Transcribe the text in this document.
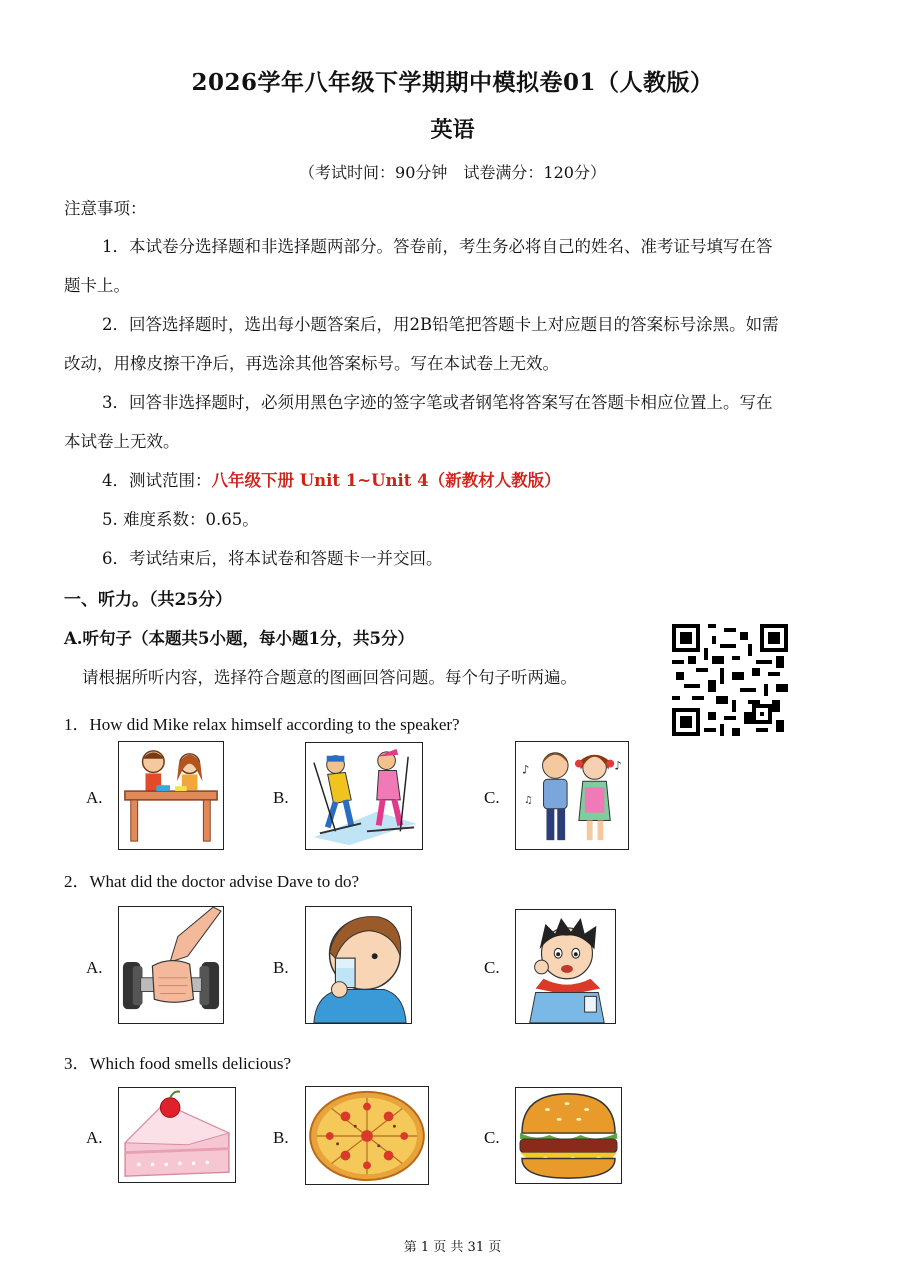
2026学年八年级下学期期中模拟卷01（人教版）
英语
（考试时间：90分钟　试卷满分：120分）
注意事项：
1．本试卷分选择题和非选择题两部分。答卷前，考生务必将自己的姓名、准考证号填写在答
题卡上。
2．回答选择题时，选出每小题答案后，用2B铅笔把答题卡上对应题目的答案标号涂黑。如需
改动，用橡皮擦干净后，再选涂其他答案标号。写在本试卷上无效。
3．回答非选择题时，必须用黑色字迹的签字笔或者钢笔将答案写在答题卡相应位置上。写在
本试卷上无效。
4．测试范围：八年级下册 Unit 1~Unit 4（新教材人教版）
5. 难度系数：0.65。
6．考试结束后，将本试卷和答题卡一并交回。
一、听力。（共25分）
A.听句子（本题共5小题，每小题1分，共5分）
请根据所听内容，选择符合题意的图画回答问题。每个句子听两遍。
1．How did Mike relax himself according to the speaker?
A.	B.	C.
♪	♪
♫
2．What did the doctor advise Dave to do?
A.	B.	C.
3．Which food smells delicious?
A.	B.	C.
第 1 页 共 31 页
